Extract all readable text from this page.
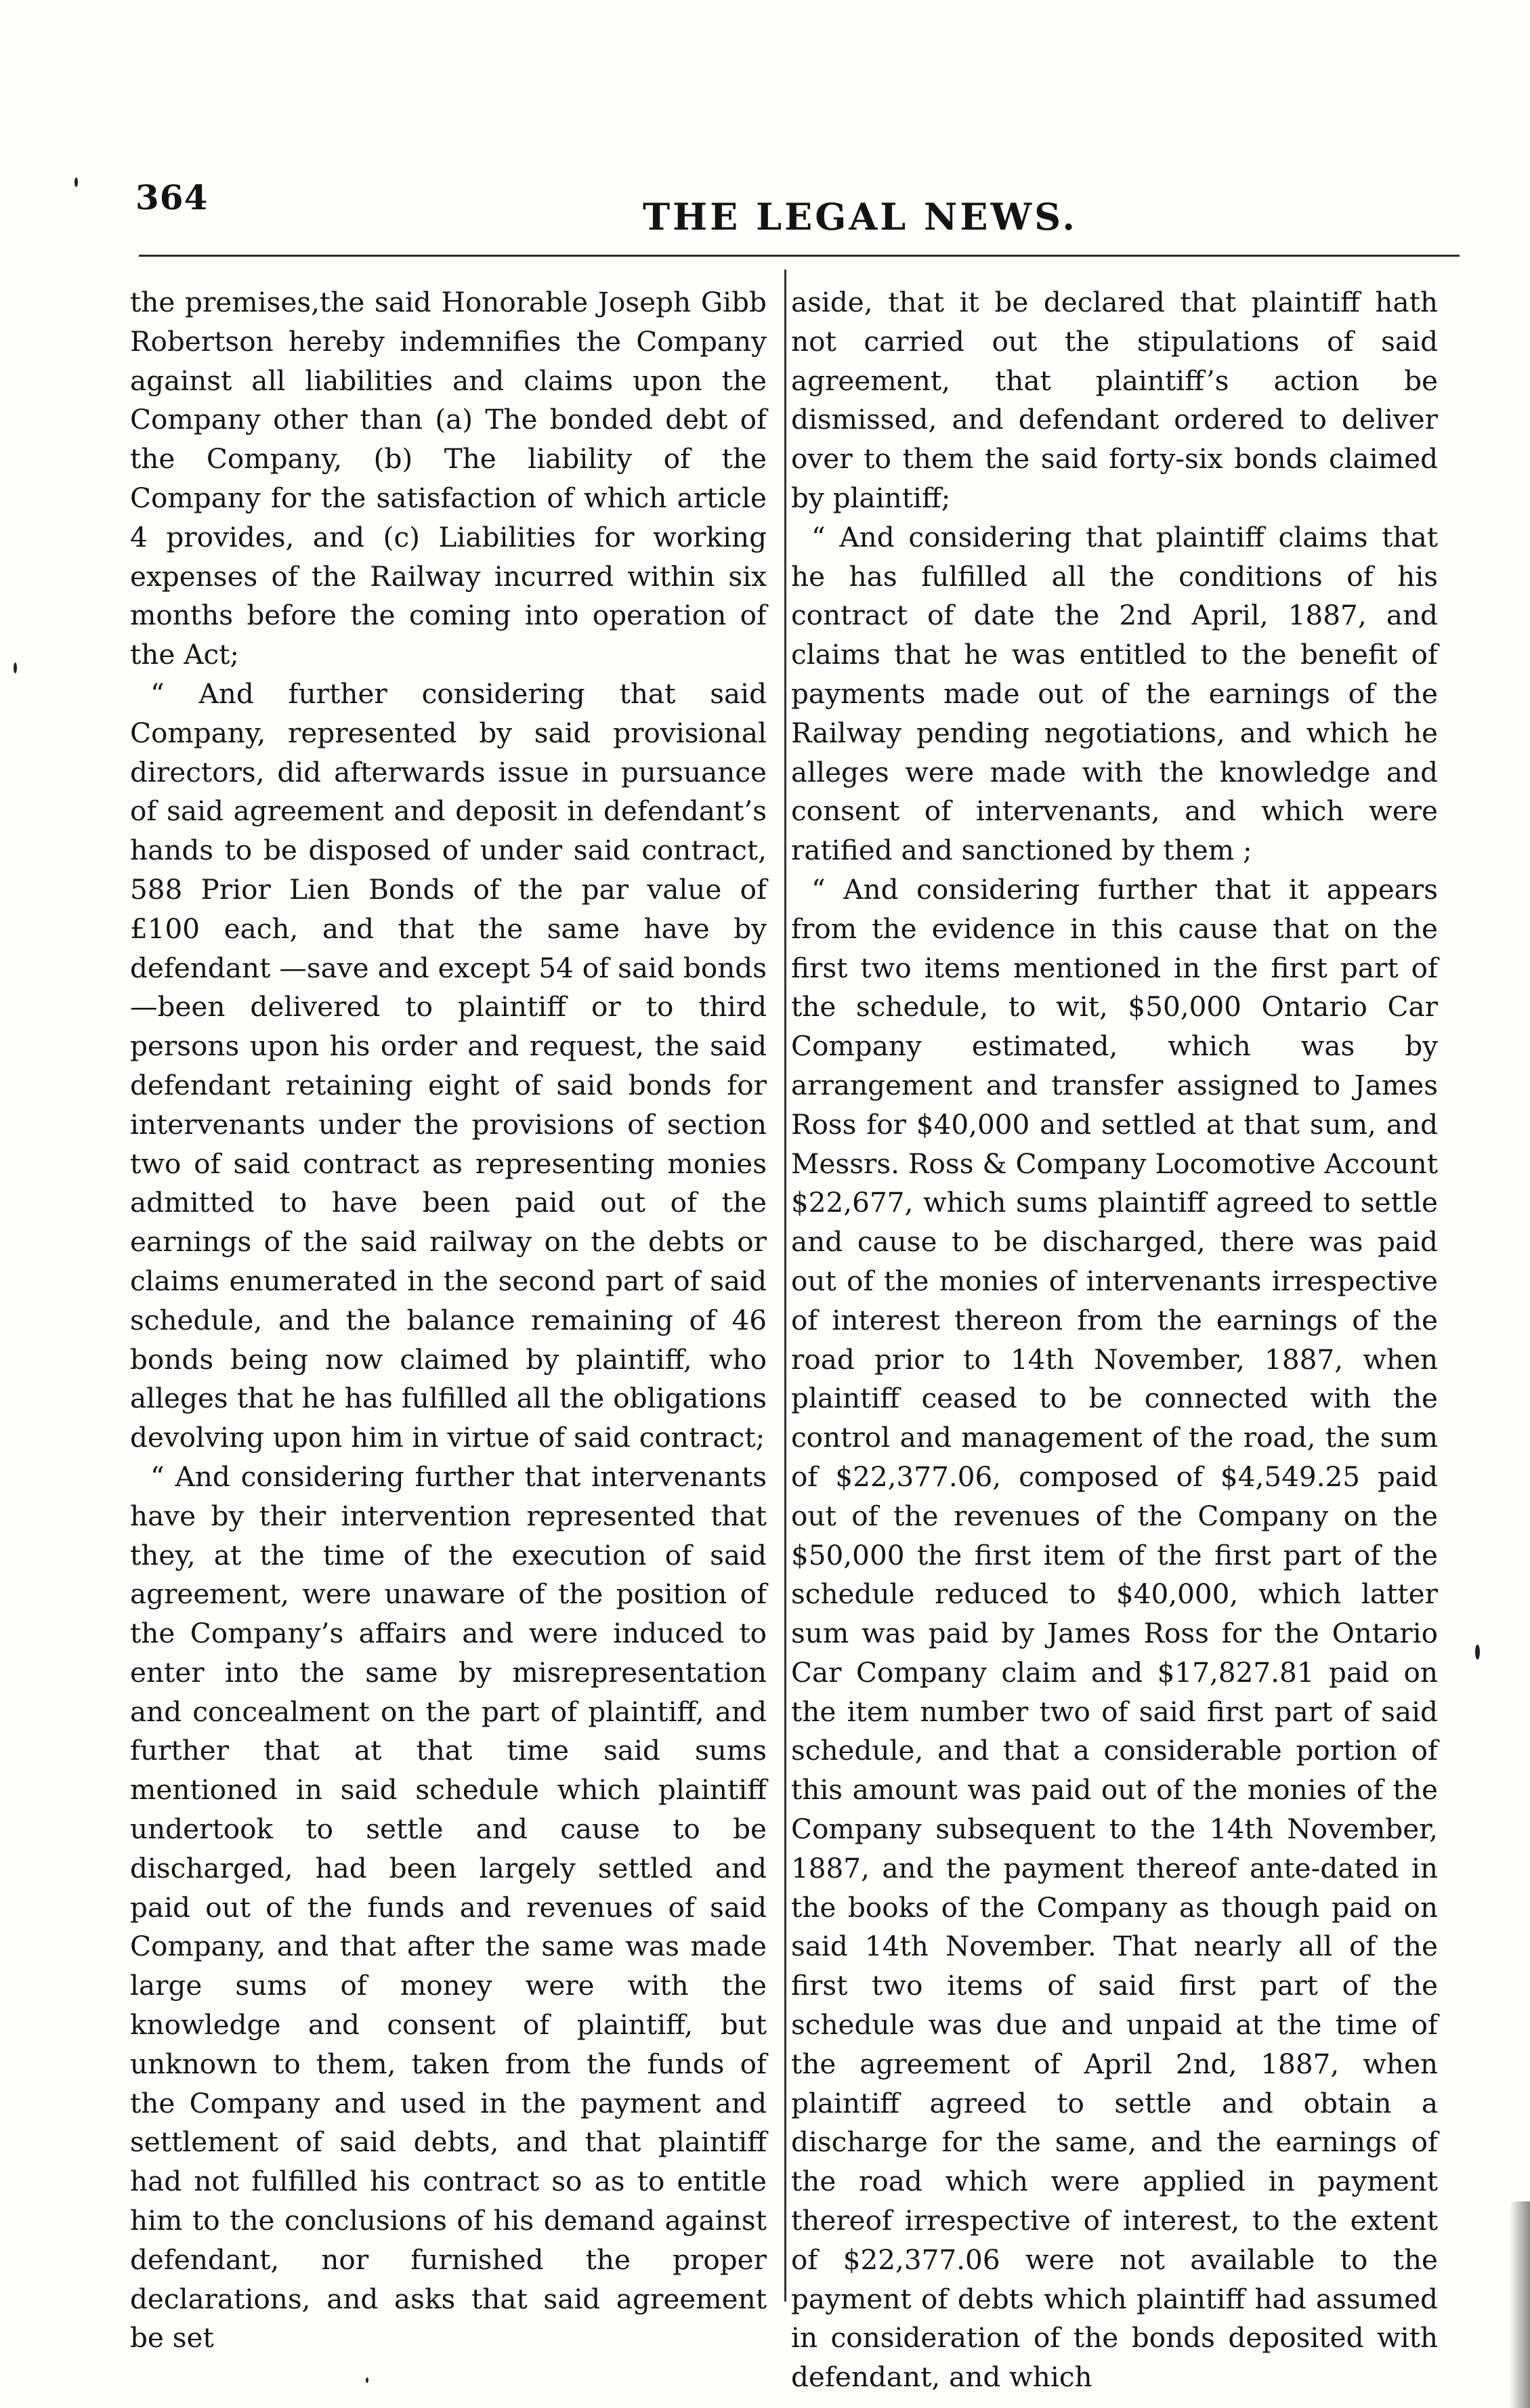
364	THE LEGAL NEWS.

the premises,the said Honorable Joseph Gibb Robertson hereby indemnifies the Company against all liabilities and claims upon the Company other than (a) The bonded debt of the Company, (b) The liability of the Company for the satisfaction of which article 4 provides, and (c) Liabilities for working expenses of the Railway incurred within six months before the coming into operation of the Act;

“ And further considering that said Company, represented by said provisional directors, did afterwards issue in pursuance of said agreement and deposit in defendant’s hands to be disposed of under said contract, 588 Prior Lien Bonds of the par value of £100 each, and that the same have by defendant —save and except 54 of said bonds—been delivered to plaintiff or to third persons upon his order and request, the said defendant retaining eight of said bonds for intervenants under the provisions of section two of said contract as representing monies admitted to have been paid out of the earnings of the said railway on the debts or claims enumerated in the second part of said schedule, and the balance remaining of 46 bonds being now claimed by plaintiff, who alleges that he has fulfilled all the obligations devolving upon him in virtue of said contract;

“ And considering further that intervenants have by their intervention represented that they, at the time of the execution of said agreement, were unaware of the position of the Company’s affairs and were induced to enter into the same by misrepresentation and concealment on the part of plaintiff, and further that at that time said sums mentioned in said schedule which plaintiff undertook to settle and cause to be discharged, had been largely settled and paid out of the funds and revenues of said Company, and that after the same was made large sums of money were with the knowledge and consent of plaintiff, but unknown to them, taken from the funds of the Company and used in the payment and settlement of said debts, and that plaintiff had not fulfilled his contract so as to entitle him to the conclusions of his demand against defendant, nor furnished the proper declarations, and asks that said agreement be set

aside, that it be declared that plaintiff hath not carried out the stipulations of said agreement, that plaintiff’s action be dismissed, and defendant ordered to deliver over to them the said forty-six bonds claimed by plaintiff;

“ And considering that plaintiff claims that he has fulfilled all the conditions of his contract of date the 2nd April, 1887, and claims that he was entitled to the benefit of payments made out of the earnings of the Railway pending negotiations, and which he alleges were made with the knowledge and consent of intervenants, and which were ratified and sanctioned by them ;

“ And considering further that it appears from the evidence in this cause that on the first two items mentioned in the first part of the schedule, to wit, $50,000 Ontario Car Company estimated, which was by arrangement and transfer assigned to James Ross for $40,000 and settled at that sum, and Messrs. Ross & Company Locomotive Account $22,677, which sums plaintiff agreed to settle and cause to be discharged, there was paid out of the monies of intervenants irrespective of interest thereon from the earnings of the road prior to 14th November, 1887, when plaintiff ceased to be connected with the control and management of the road, the sum of $22,377.06, composed of $4,549.25 paid out of the revenues of the Company on the $50,000 the first item of the first part of the schedule reduced to $40,000, which latter sum was paid by James Ross for the Ontario Car Company claim and $17,827.81 paid on the item number two of said first part of said schedule, and that a considerable portion of this amount was paid out of the monies of the Company subsequent to the 14th November, 1887, and the payment thereof ante-dated in the books of the Company as though paid on said 14th November. That nearly all of the first two items of said first part of the schedule was due and unpaid at the time of the agreement of April 2nd, 1887, when plaintiff agreed to settle and obtain a discharge for the same, and the earnings of the road which were applied in payment thereof irrespective of interest, to the extent of $22,377.06 were not available to the payment of debts which plaintiff had assumed in consideration of the bonds deposited with defendant, and which
